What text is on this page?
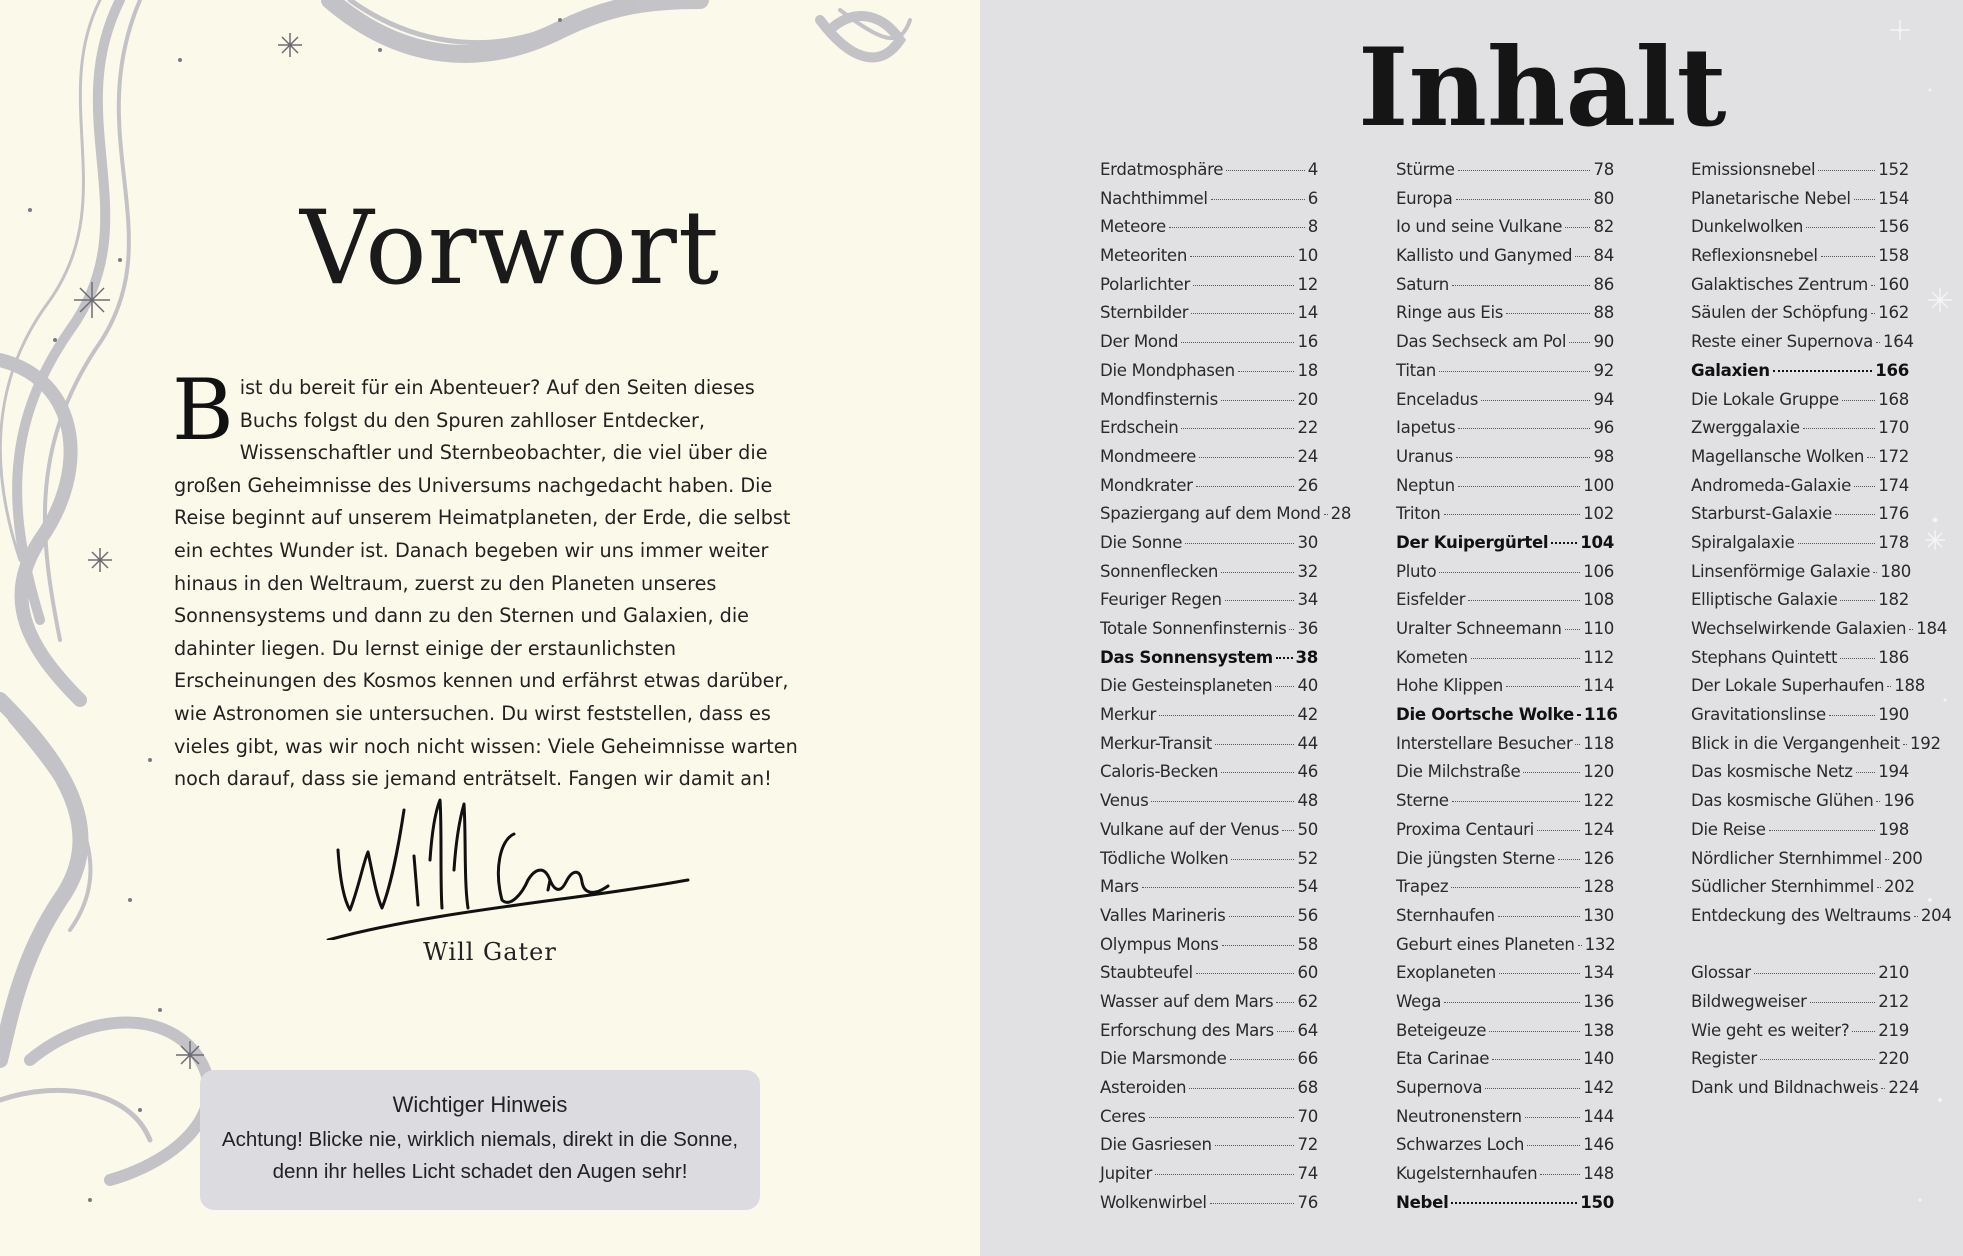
Vorwort

Bist du bereit für ein Abenteuer? Auf den Seiten dieses Buchs folgst du den Spuren zahlloser Entdecker, Wissenschaftler und Sternbeobachter, die viel über die großen Geheimnisse des Universums nachgedacht haben. Die Reise beginnt auf unserem Heimatplaneten, der Erde, die selbst ein echtes Wunder ist. Danach begeben wir uns immer weiter hinaus in den Weltraum, zuerst zu den Planeten unseres Sonnensystems und dann zu den Sternen und Galaxien, die dahinter liegen. Du lernst einige der erstaunlichsten Erscheinungen des Kosmos kennen und erfährst etwas darüber, wie Astronomen sie untersuchen. Du wirst feststellen, dass es vieles gibt, was wir noch nicht wissen: Viele Geheimnisse warten noch darauf, dass sie jemand enträtselt. Fangen wir damit an!

Will Gater
Wichtiger Hinweis
Achtung! Blicke nie, wirklich niemals, direkt in die Sonne, denn ihr helles Licht schadet den Augen sehr!
Inhalt
Erdatmosphäre	4
Nachthimmel	6
Meteore	8
Meteoriten	10
Polarlichter	12
Sternbilder	14
Der Mond	16
Die Mondphasen	18
Mondfinsternis	20
Erdschein	22
Mondmeere	24
Mondkrater	26
Spaziergang auf dem Mond 28
Die Sonne	30
Sonnenflecken	32
Feuriger Regen	34
Totale Sonnenfinsternis 36
Das Sonnensystem 38
Die Gesteinsplaneten 40
Merkur	42
Merkur-Transit	44
Caloris-Becken	46
Venus	48
Vulkane auf der Venus 50
Tödliche Wolken	52
Mars	54
Valles Marineris	56
Olympus Mons	58
Staubteufel	60
Wasser auf dem Mars 62
Erforschung des Mars 64
Die Marsmonde	66
Asteroiden	68
Ceres	70
Die Gasriesen	72
Jupiter	74
Wolkenwirbel	76
Stürme	78
Europa	80
Io und seine Vulkane 82
Kallisto und Ganymed 84
Saturn	86
Ringe aus Eis	88
Das Sechseck am Pol 90
Titan	92
Enceladus	94
Iapetus	96
Uranus	98
Neptun	100
Triton	102
Der Kuipergürtel 104
Pluto	106
Eisfelder	108
Uralter Schneemann 110
Kometen	112
Hohe Klippen	114
Die Oortsche Wolke 116
Interstellare Besucher 118
Die Milchstraße	120
Sterne	122
Proxima Centauri	124
Die jüngsten Sterne 126
Trapez	128
Sternhaufen	130
Geburt eines Planeten 132
Exoplaneten	134
Wega	136
Beteigeuze	138
Eta Carinae	140
Supernova	142
Neutronenstern	144
Schwarzes Loch	146
Kugelsternhaufen	148
Nebel	150
Emissionsnebel	152
Planetarische Nebel 154
Dunkelwolken	156
Reflexionsnebel	158
Galaktisches Zentrum 160
Säulen der Schöpfung 162
Reste einer Supernova 164
Galaxien	166
Die Lokale Gruppe 168
Zwerggalaxie	170
Magellansche Wolken 172
Andromeda-Galaxie 174
Starburst-Galaxie	176
Spiralgalaxie	178
Linsenförmige Galaxie 180
Elliptische Galaxie 182
Wechselwirkende Galaxien 184
Stephans Quintett 186
Der Lokale Superhaufen 188
Gravitationslinse	190
Blick in die Vergangenheit 192
Das kosmische Netz 194
Das kosmische Glühen 196
Die Reise	198
Nördlicher Sternhimmel 200
Südlicher Sternhimmel 202
Entdeckung des Weltraums 204
Glossar	210
Bildwegweiser	212
Wie geht es weiter? 219
Register	220
Dank und Bildnachweis 224
